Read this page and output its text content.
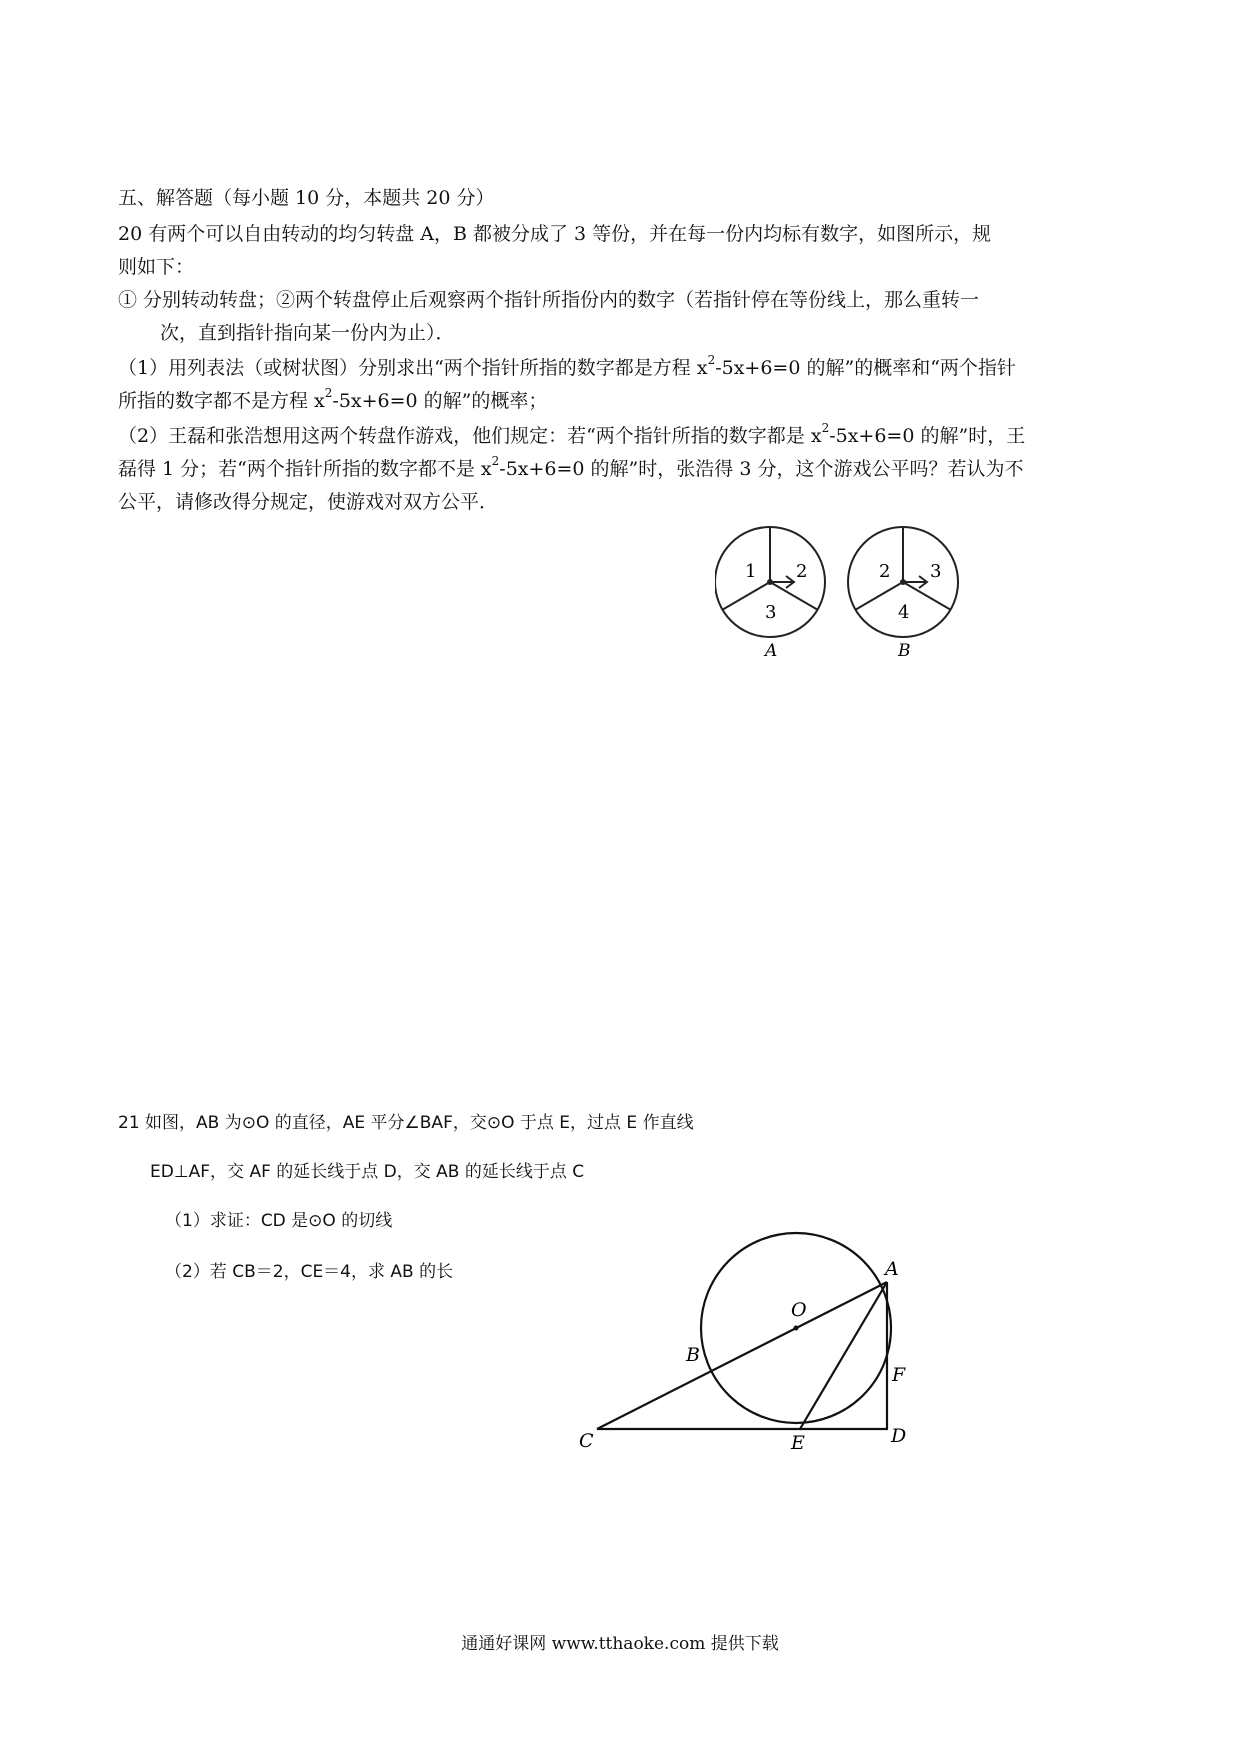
五、解答题（每小题 10 分，本题共 20 分）
20 有两个可以自由转动的均匀转盘 A，B 都被分成了 3 等份，并在每一份内均标有数字，如图所示，规
则如下：
① 分别转动转盘；②两个转盘停止后观察两个指针所指份内的数字（若指针停在等份线上，那么重转一
次，直到指针指向某一份内为止）．
（1）用列表法（或树状图）分别求出“两个指针所指的数字都是方程 $x^2-5x+6=0$ 的解”的概率和“两个指针
所指的数字都不是方程 $x^2-5x+6=0$ 的解”的概率；
（2）王磊和张浩想用这两个转盘作游戏，他们规定：若“两个指针所指的数字都是 $x^2-5x+6=0$ 的解”时，王
磊得 1 分；若“两个指针所指的数字都不是 $x^2-5x+6=0$ 的解”时，张浩得 3 分，这个游戏公平吗？若认为不
公平，请修改得分规定，使游戏对双方公平．
1 2
3
A
2 3
4
B
21 如图，AB 为⊙O 的直径，AE 平分∠BAF，交⊙O 于点 E，过点 E 作直线
ED⊥AF，交 AF 的延长线于点 D，交 AB 的延长线于点 C
（1）求证：CD 是⊙O 的切线
（2）若 CB＝2，CE＝4，求 AB 的长	A
O
B
F
C	E	D
通通好课网 www.tthaoke.com 提供下载
